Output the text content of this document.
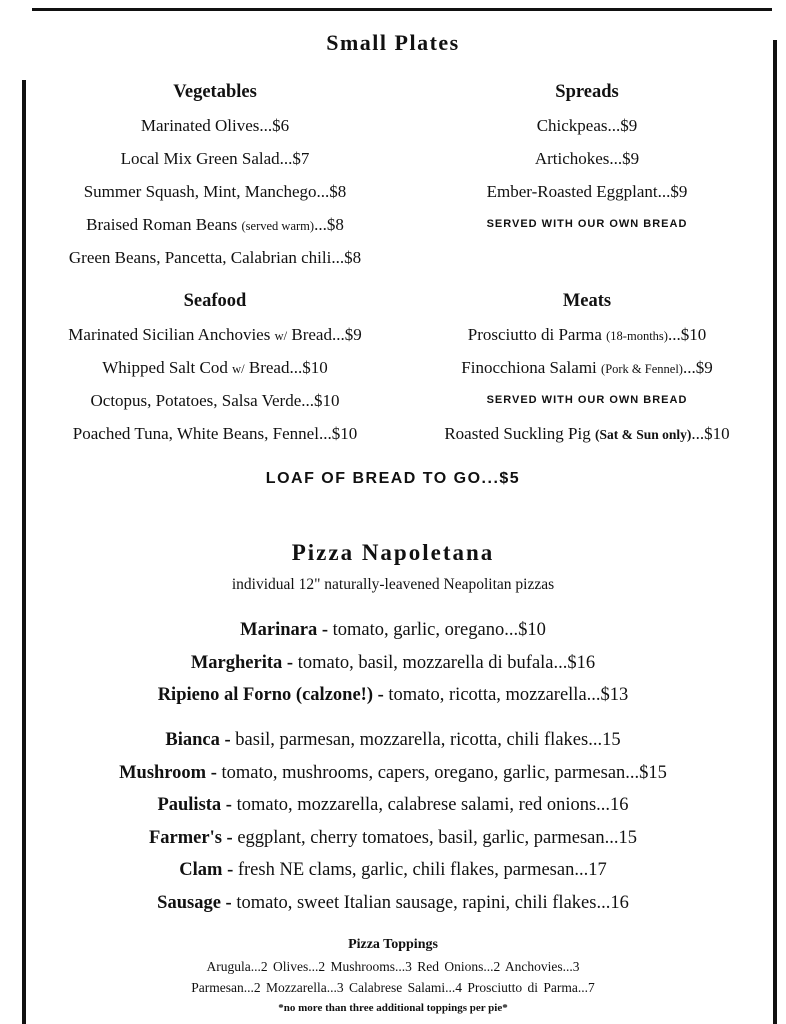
Small Plates
Vegetables
Marinated Olives...$6
Local Mix Green Salad...$7
Summer Squash, Mint, Manchego...$8
Braised Roman Beans (served warm)...$8
Green Beans, Pancetta, Calabrian chili...$8
Spreads
Chickpeas...$9
Artichokes...$9
Ember-Roasted Eggplant...$9
SERVED WITH OUR OWN BREAD
Seafood
Marinated Sicilian Anchovies w/ Bread...$9
Whipped Salt Cod w/ Bread...$10
Octopus, Potatoes, Salsa Verde...$10
Poached Tuna, White Beans, Fennel...$10
Meats
Prosciutto di Parma (18-months)...$10
Finocchiona Salami (Pork & Fennel)...$9
SERVED WITH OUR OWN BREAD
Roasted Suckling Pig (Sat & Sun only)...$10
LOAF OF BREAD TO GO...$5
Pizza Napoletana
individual 12" naturally-leavened Neapolitan pizzas
Marinara - tomato, garlic, oregano...$10
Margherita - tomato, basil, mozzarella di bufala...$16
Ripieno al Forno (calzone!) - tomato, ricotta, mozzarella...$13
Bianca - basil, parmesan, mozzarella, ricotta, chili flakes...15
Mushroom - tomato, mushrooms, capers, oregano, garlic, parmesan...$15
Paulista - tomato, mozzarella, calabrese salami, red onions...16
Farmer's - eggplant, cherry tomatoes, basil, garlic, parmesan...15
Clam - fresh NE clams, garlic, chili flakes, parmesan...17
Sausage - tomato, sweet Italian sausage, rapini, chili flakes...16
Pizza Toppings
Arugula...2 Olives...2 Mushrooms...3 Red Onions...2 Anchovies...3
Parmesan...2 Mozzarella...3 Calabrese Salami...4 Prosciutto di Parma...7
*no more than three additional toppings per pie*
